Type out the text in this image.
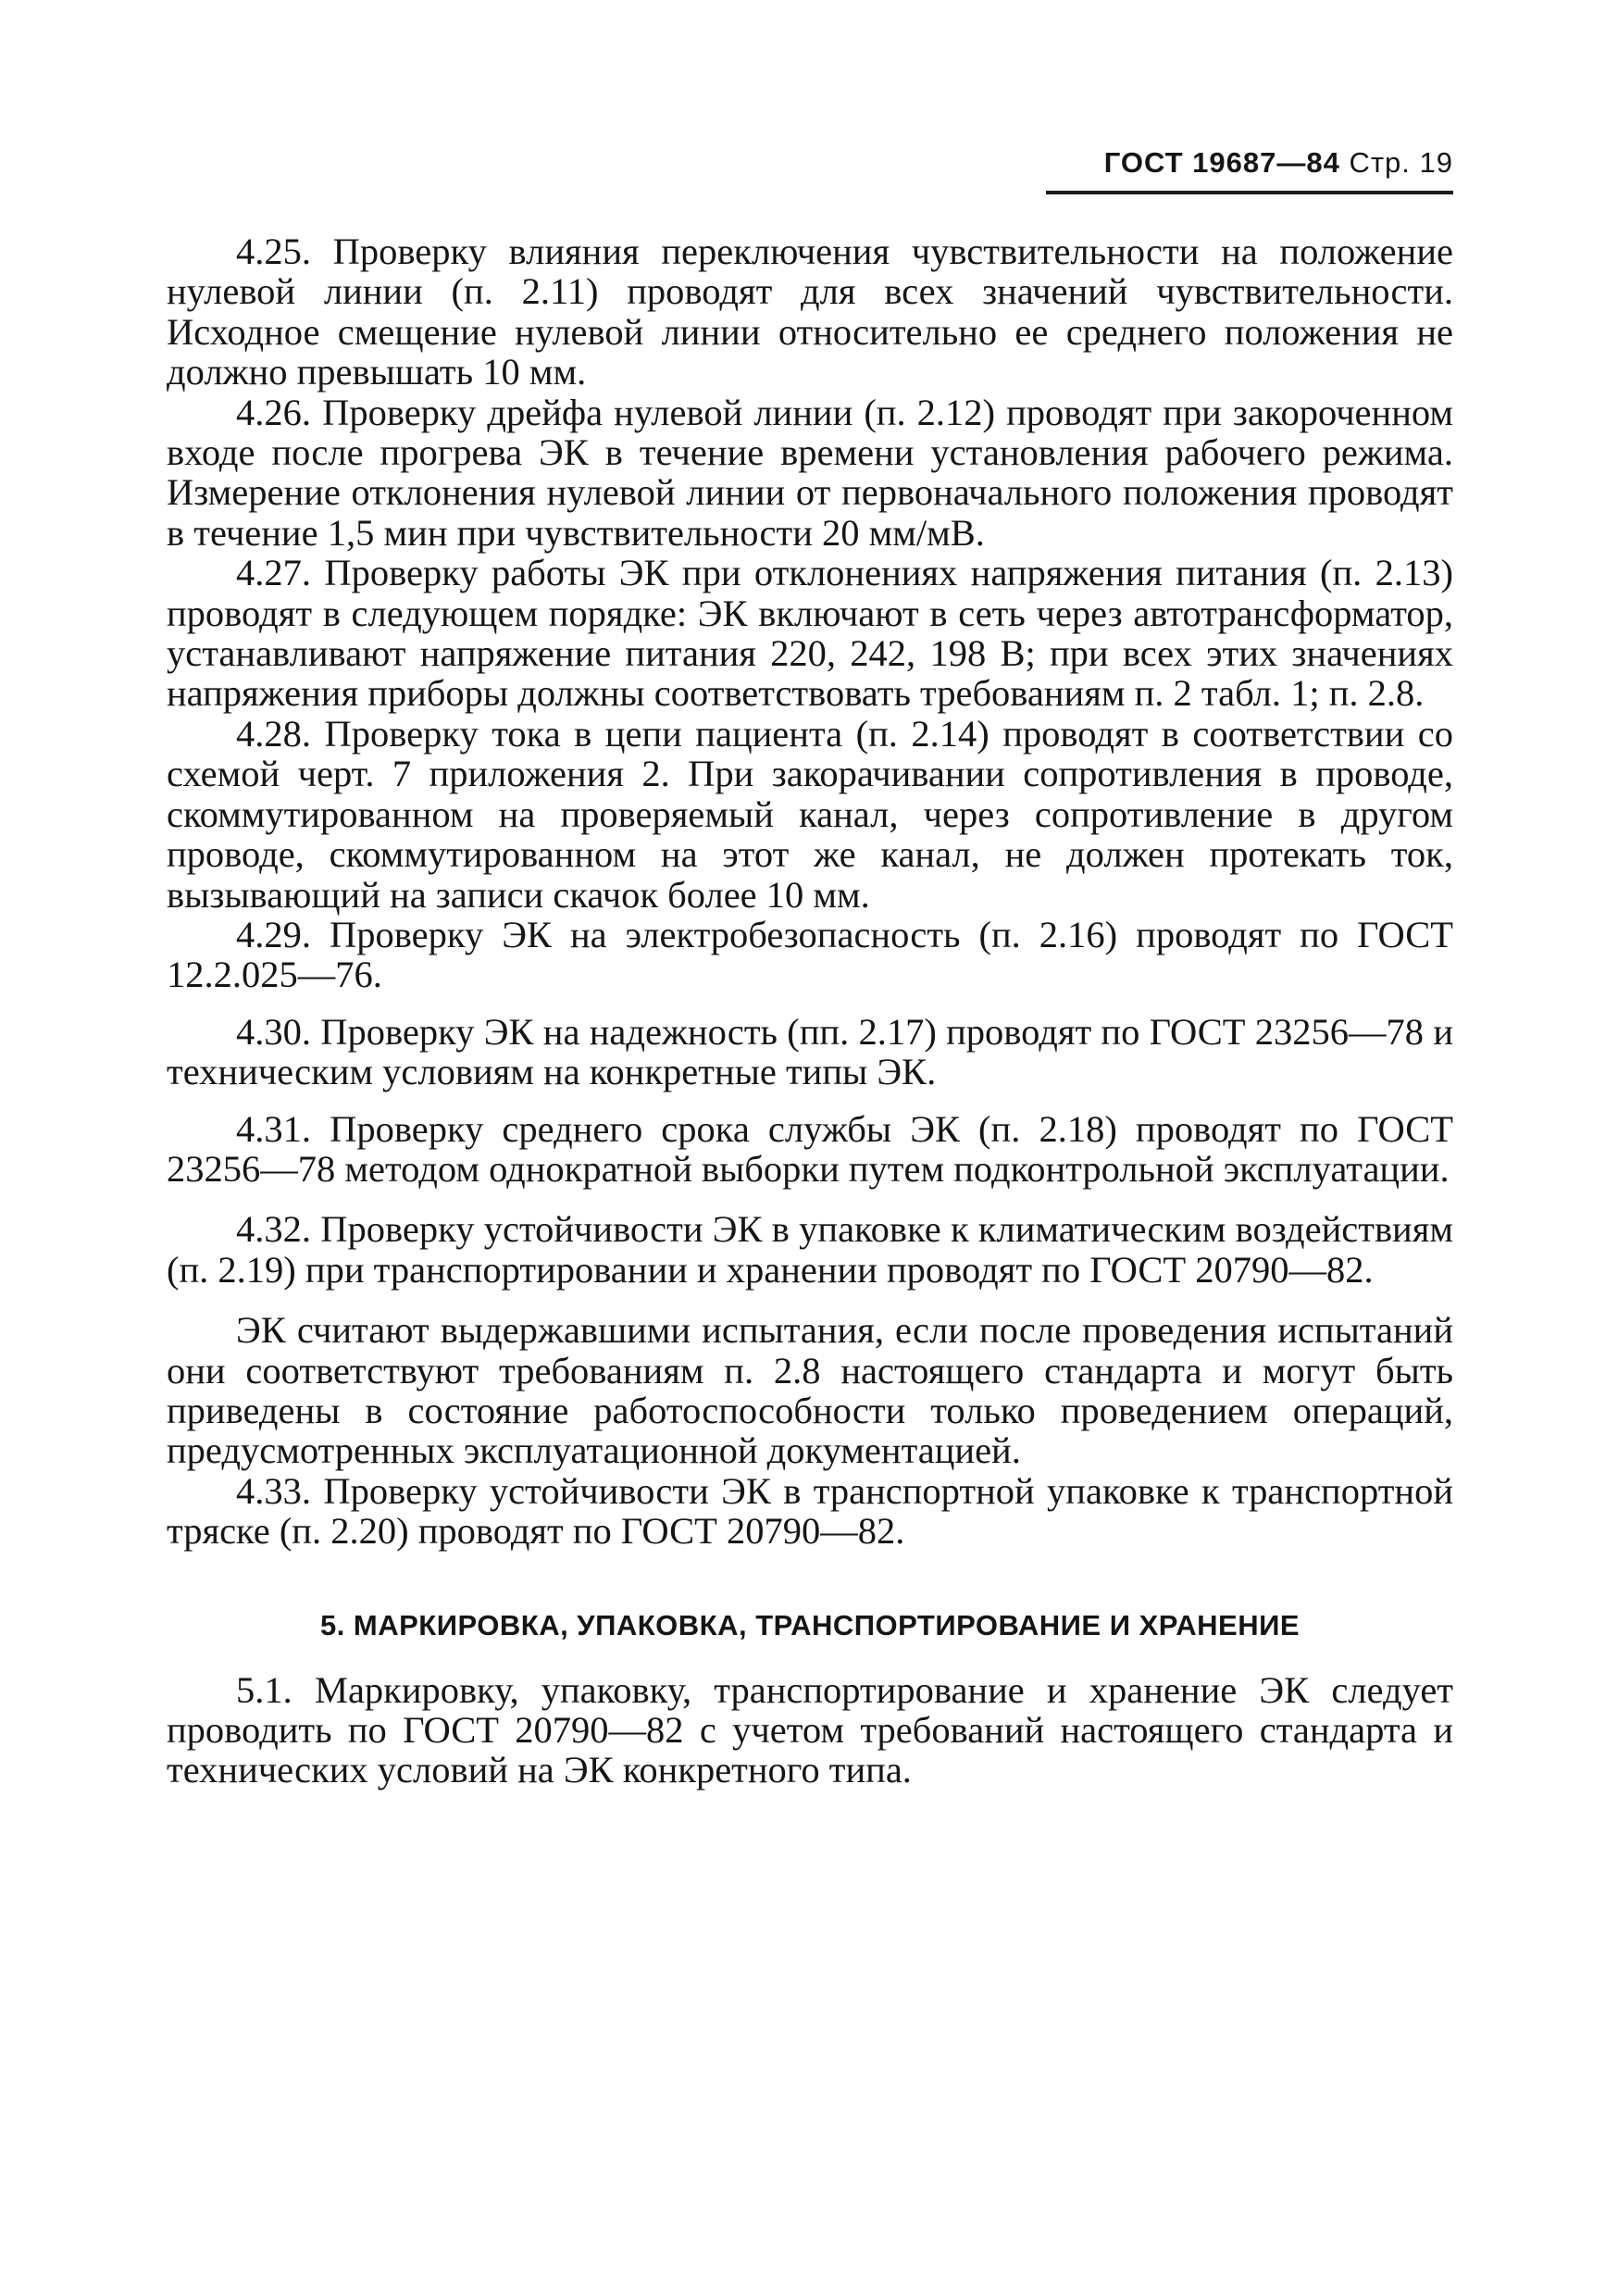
ГОСТ 19687—84 Стр. 19

4.25. Проверку влияния переключения чувствительности на положение нулевой линии (п. 2.11) проводят для всех значений чувствительности. Исходное смещение нулевой линии относительно ее среднего положения не должно превышать 10 мм.

4.26. Проверку дрейфа нулевой линии (п. 2.12) проводят при закороченном входе после прогрева ЭК в течение времени установления рабочего режима. Измерение отклонения нулевой линии от первоначального положения проводят в течение 1,5 мин при чувствительности 20 мм/мВ.

4.27. Проверку работы ЭК при отклонениях напряжения питания (п. 2.13) проводят в следующем порядке: ЭК включают в сеть через автотрансформатор, устанавливают напряжение питания 220, 242, 198 В; при всех этих значениях напряжения приборы должны соответствовать требованиям п. 2 табл. 1; п. 2.8.

4.28. Проверку тока в цепи пациента (п. 2.14) проводят в соответствии со схемой черт. 7 приложения 2. При закорачивании сопротивления в проводе, скоммутированном на проверяемый канал, через сопротивление в другом проводе, скоммутированном на этот же канал, не должен протекать ток, вызывающий на записи скачок более 10 мм.

4.29. Проверку ЭК на электробезопасность (п. 2.16) проводят по ГОСТ 12.2.025—76.

4.30. Проверку ЭК на надежность (пп. 2.17) проводят по ГОСТ 23256—78 и техническим условиям на конкретные типы ЭК.

4.31. Проверку среднего срока службы ЭК (п. 2.18) проводят по ГОСТ 23256—78 методом однократной выборки путем подконтрольной эксплуатации.

4.32. Проверку устойчивости ЭК в упаковке к климатическим воздействиям (п. 2.19) при транспортировании и хранении проводят по ГОСТ 20790—82.

ЭК считают выдержавшими испытания, если после проведения испытаний они соответствуют требованиям п. 2.8 настоящего стандарта и могут быть приведены в состояние работоспособности только проведением операций, предусмотренных эксплуатационной документацией.

4.33. Проверку устойчивости ЭК в транспортной упаковке к транспортной тряске (п. 2.20) проводят по ГОСТ 20790—82.

5. МАРКИРОВКА, УПАКОВКА, ТРАНСПОРТИРОВАНИЕ И ХРАНЕНИЕ

5.1. Маркировку, упаковку, транспортирование и хранение ЭК следует проводить по ГОСТ 20790—82 с учетом требований настоящего стандарта и технических условий на ЭК конкретного типа.
